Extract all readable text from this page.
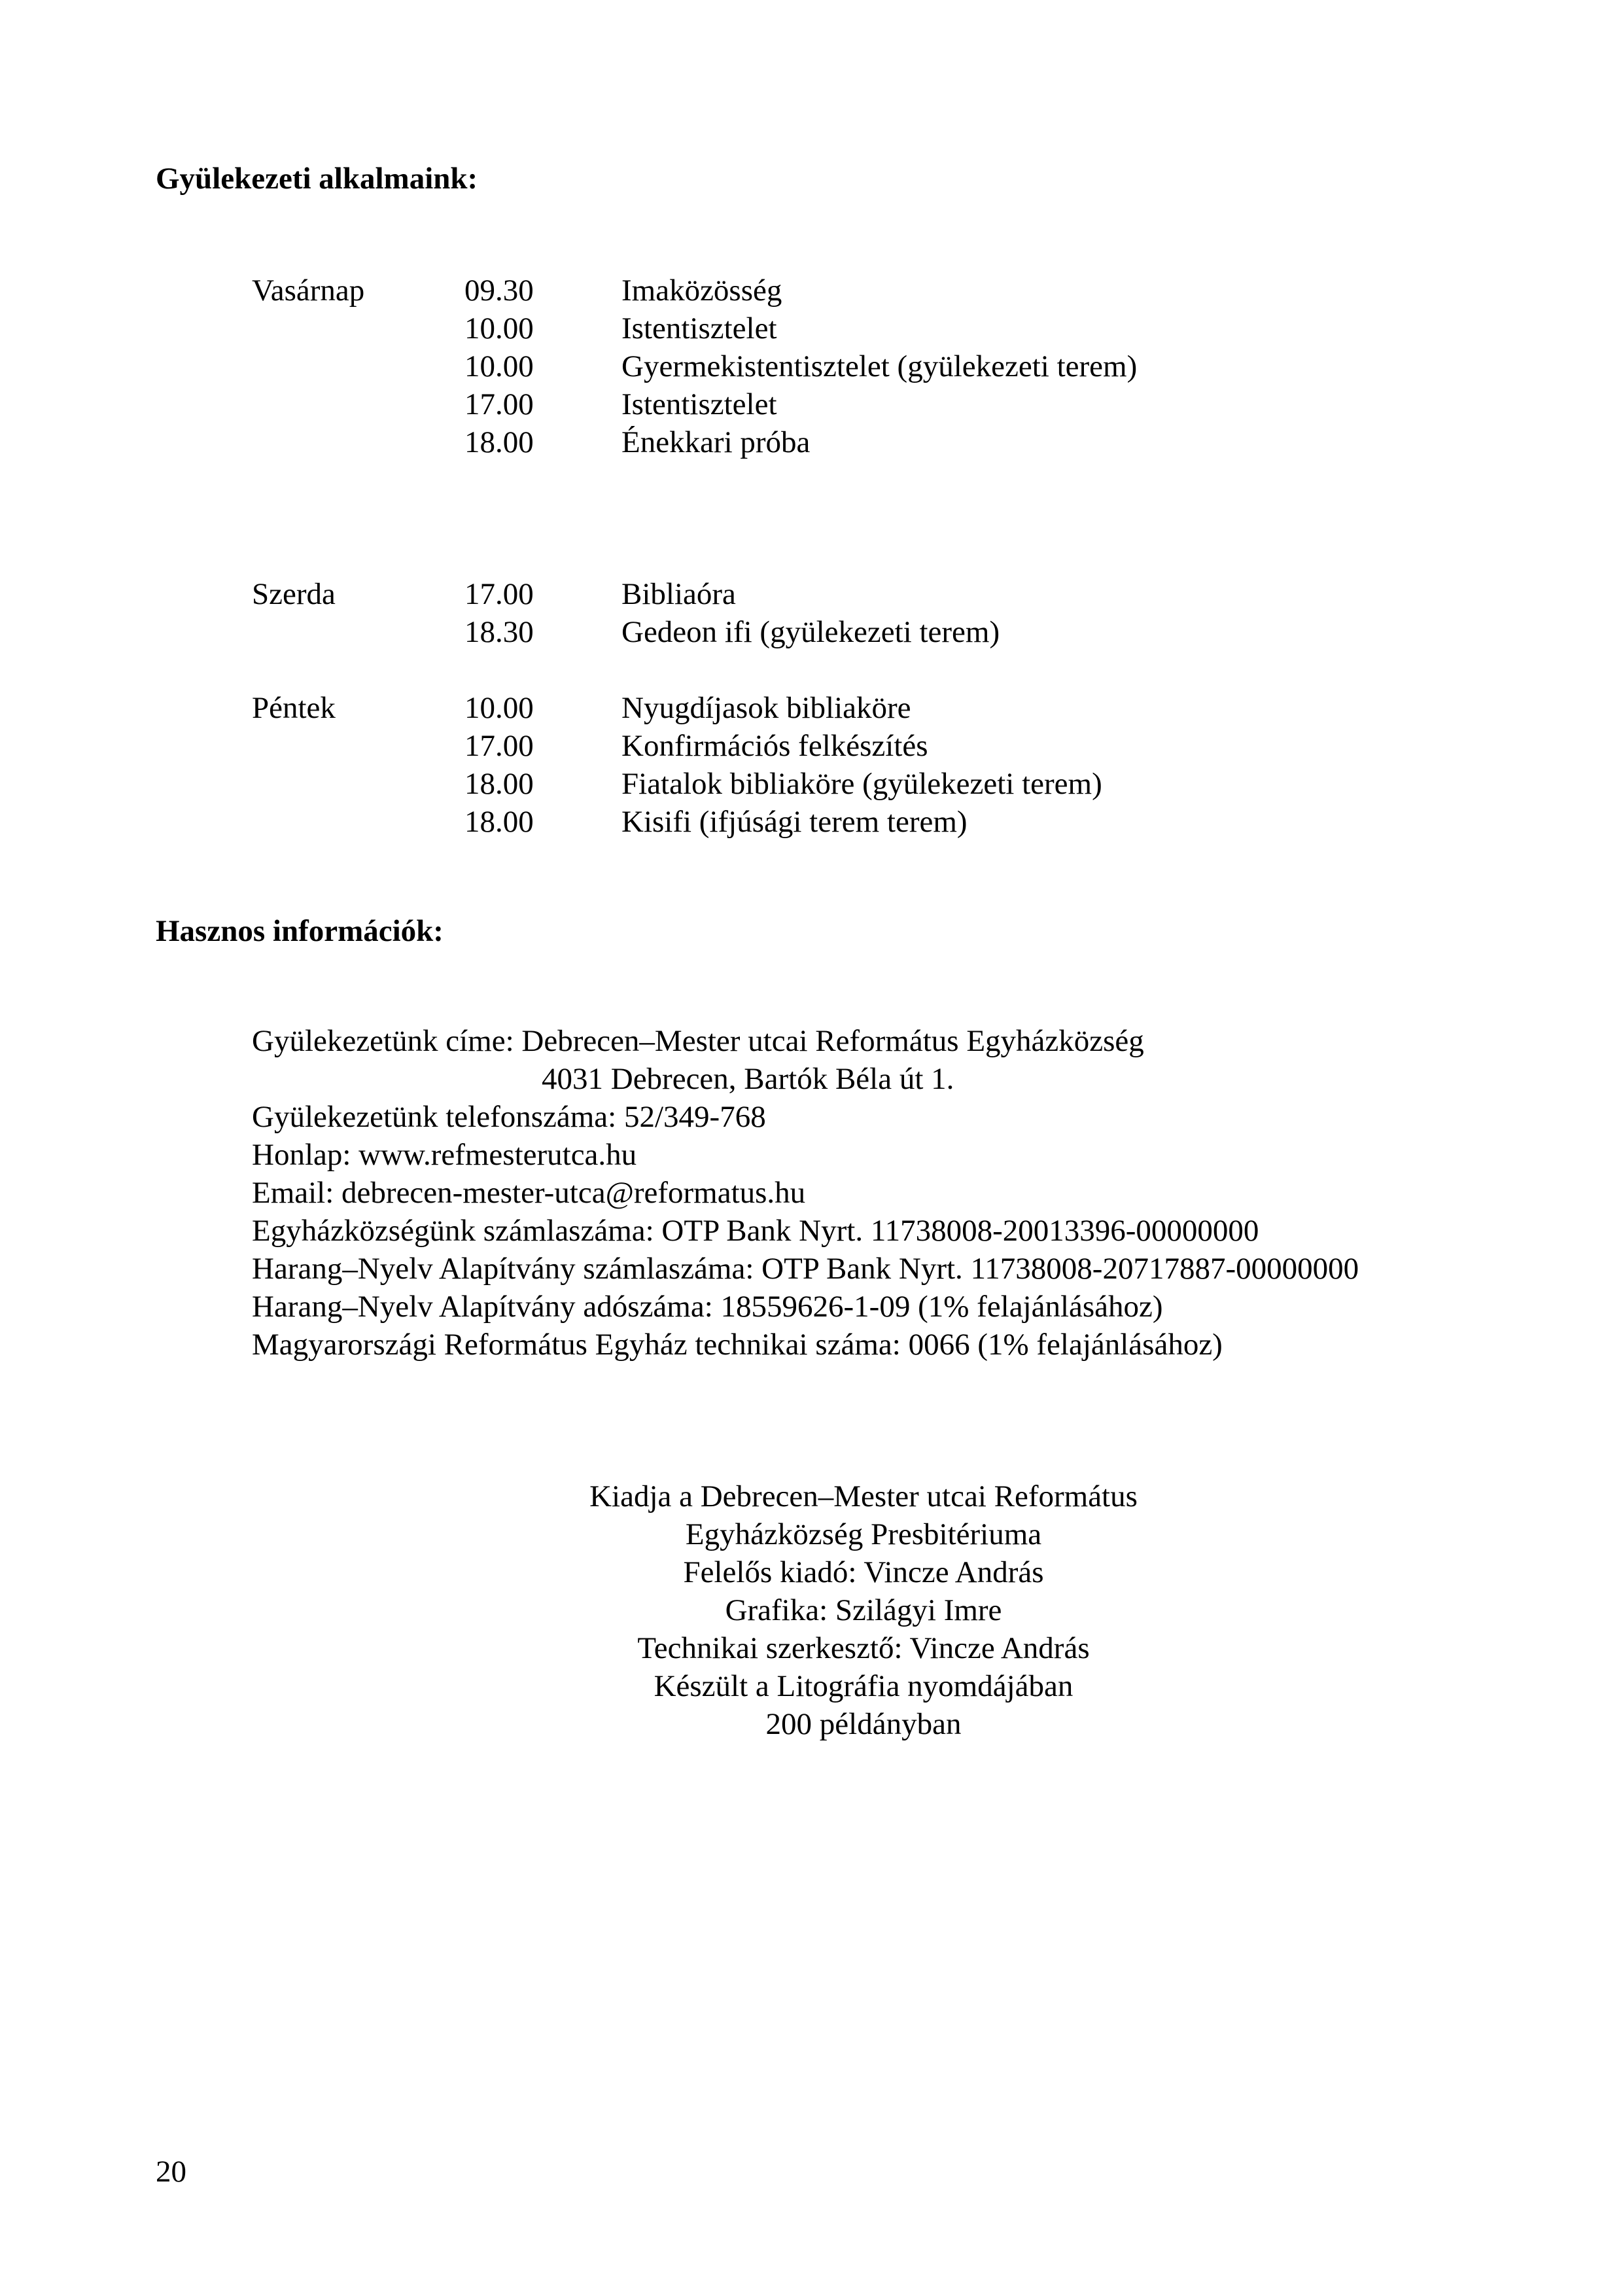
Gyülekezeti alkalmaink:
Vasárnap	09.30	Imaközösség
10.00	Istentisztelet
10.00	Gyermekistentisztelet (gyülekezeti terem)
17.00	Istentisztelet
18.00	Énekkari próba
Szerda	17.00	Bibliaóra
18.30	Gedeon ifi (gyülekezeti terem)
Péntek	10.00	Nyugdíjasok bibliaköre
17.00	Konfirmációs felkészítés
18.00	Fiatalok bibliaköre (gyülekezeti terem)
18.00	Kisifi (ifjúsági terem terem)
Hasznos információk:
Gyülekezetünk címe: Debrecen–Mester utcai Református Egyházközség
4031 Debrecen, Bartók Béla út 1.
Gyülekezetünk telefonszáma: 52/349-768
Honlap: www.refmesterutca.hu
Email: debrecen-mester-utca@reformatus.hu
Egyházközségünk számlaszáma: OTP Bank Nyrt. 11738008-20013396-00000000
Harang–Nyelv Alapítvány számlaszáma: OTP Bank Nyrt. 11738008-20717887-00000000
Harang–Nyelv Alapítvány adószáma: 18559626-1-09 (1% felajánlásához)
Magyarországi Református Egyház technikai száma: 0066 (1% felajánlásához)
Kiadja a Debrecen–Mester utcai Református
Egyházközség Presbitériuma
Felelős kiadó: Vincze András
Grafika: Szilágyi Imre
Technikai szerkesztő: Vincze András
Készült a Litográfia nyomdájában
200 példányban
20
